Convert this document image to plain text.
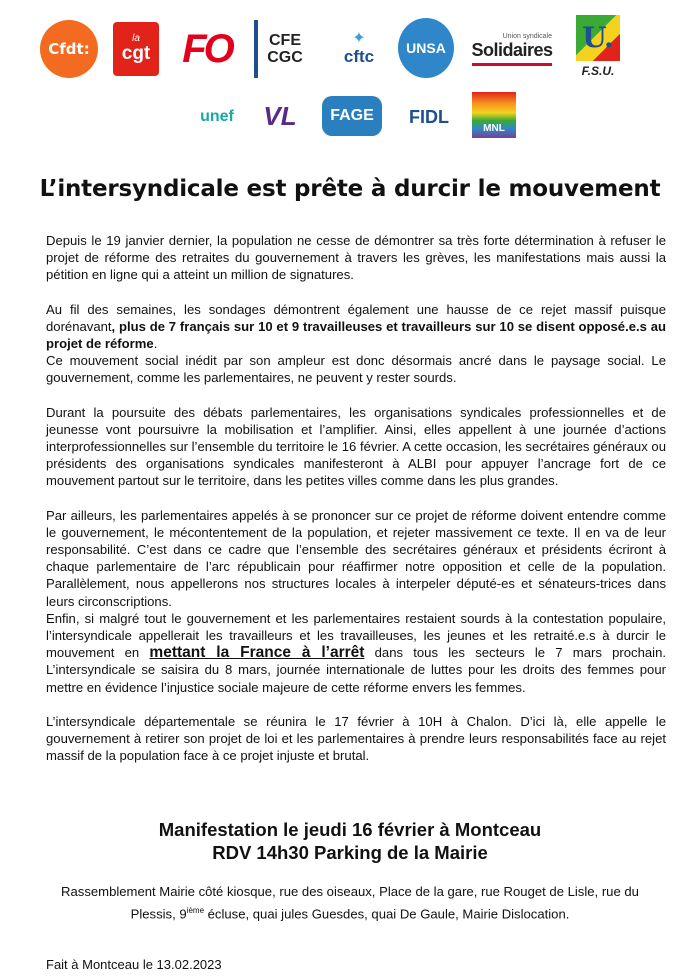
Cfdt:
la
cgt FO CFE
CGC
✦
cftc UNSA
Union syndicale
Solidaires U.
F.S.U.
unef VL FAGE FIDL
MNL
L’intersyndicale est prête à durcir le mouvement

Depuis le 19 janvier dernier, la population ne cesse de démontrer sa très forte détermination à refuser le projet de réforme des retraites du gouvernement à travers les grèves, les manifestations mais aussi la pétition en ligne qui a atteint un million de signatures.

Au fil des semaines, les sondages démontrent également une hausse de ce rejet massif puisque dorénavant, plus de 7 français sur 10 et 9 travailleuses et travailleurs sur 10 se disent opposé.e.s au projet de réforme.

Ce mouvement social inédit par son ampleur est donc désormais ancré dans le paysage social. Le gouvernement, comme les parlementaires, ne peuvent y rester sourds.

Durant la poursuite des débats parlementaires, les organisations syndicales professionnelles et de jeunesse vont poursuivre la mobilisation et l’amplifier. Ainsi, elles appellent à une journée d’actions interprofessionnelles sur l’ensemble du territoire le 16 février. A cette occasion, les secrétaires généraux ou présidents des organisations syndicales manifesteront à ALBI pour appuyer l’ancrage fort de ce mouvement partout sur le territoire, dans les petites villes comme dans les plus grandes.

Par ailleurs, les parlementaires appelés à se prononcer sur ce projet de réforme doivent entendre comme le gouvernement, le mécontentement de la population, et rejeter massivement ce texte. Il en va de leur responsabilité. C’est dans ce cadre que l’ensemble des secrétaires généraux et présidents écriront à chaque parlementaire de l’arc républicain pour réaffirmer notre opposition et celle de la population. Parallèlement, nous appellerons nos structures locales à interpeler député-es et sénateurs-trices dans leurs circonscriptions.

Enfin, si malgré tout le gouvernement et les parlementaires restaient sourds à la contestation populaire, l’intersyndicale appellerait les travailleurs et les travailleuses, les jeunes et les retraité.e.s à durcir le mouvement en mettant la France à l’arrêt dans tous les secteurs le 7 mars prochain. L’intersyndicale se saisira du 8 mars, journée internationale de luttes pour les droits des femmes pour mettre en évidence l’injustice sociale majeure de cette réforme envers les femmes.

L’intersyndicale départementale se réunira le 17 février à 10H à Chalon. D’ici là, elle appelle le gouvernement à retirer son projet de loi et les parlementaires à prendre leurs responsabilités face au rejet massif de la population face à ce projet injuste et brutal.

Manifestation le jeudi 16 février à Montceau
RDV 14h30 Parking de la Mairie
Rassemblement Mairie côté kiosque, rue des oiseaux, Place de la gare, rue Rouget de Lisle, rue du Plessis, 9ième écluse, quai jules Guesdes, quai De Gaule, Mairie Dislocation.
Fait à Montceau le 13.02.2023
